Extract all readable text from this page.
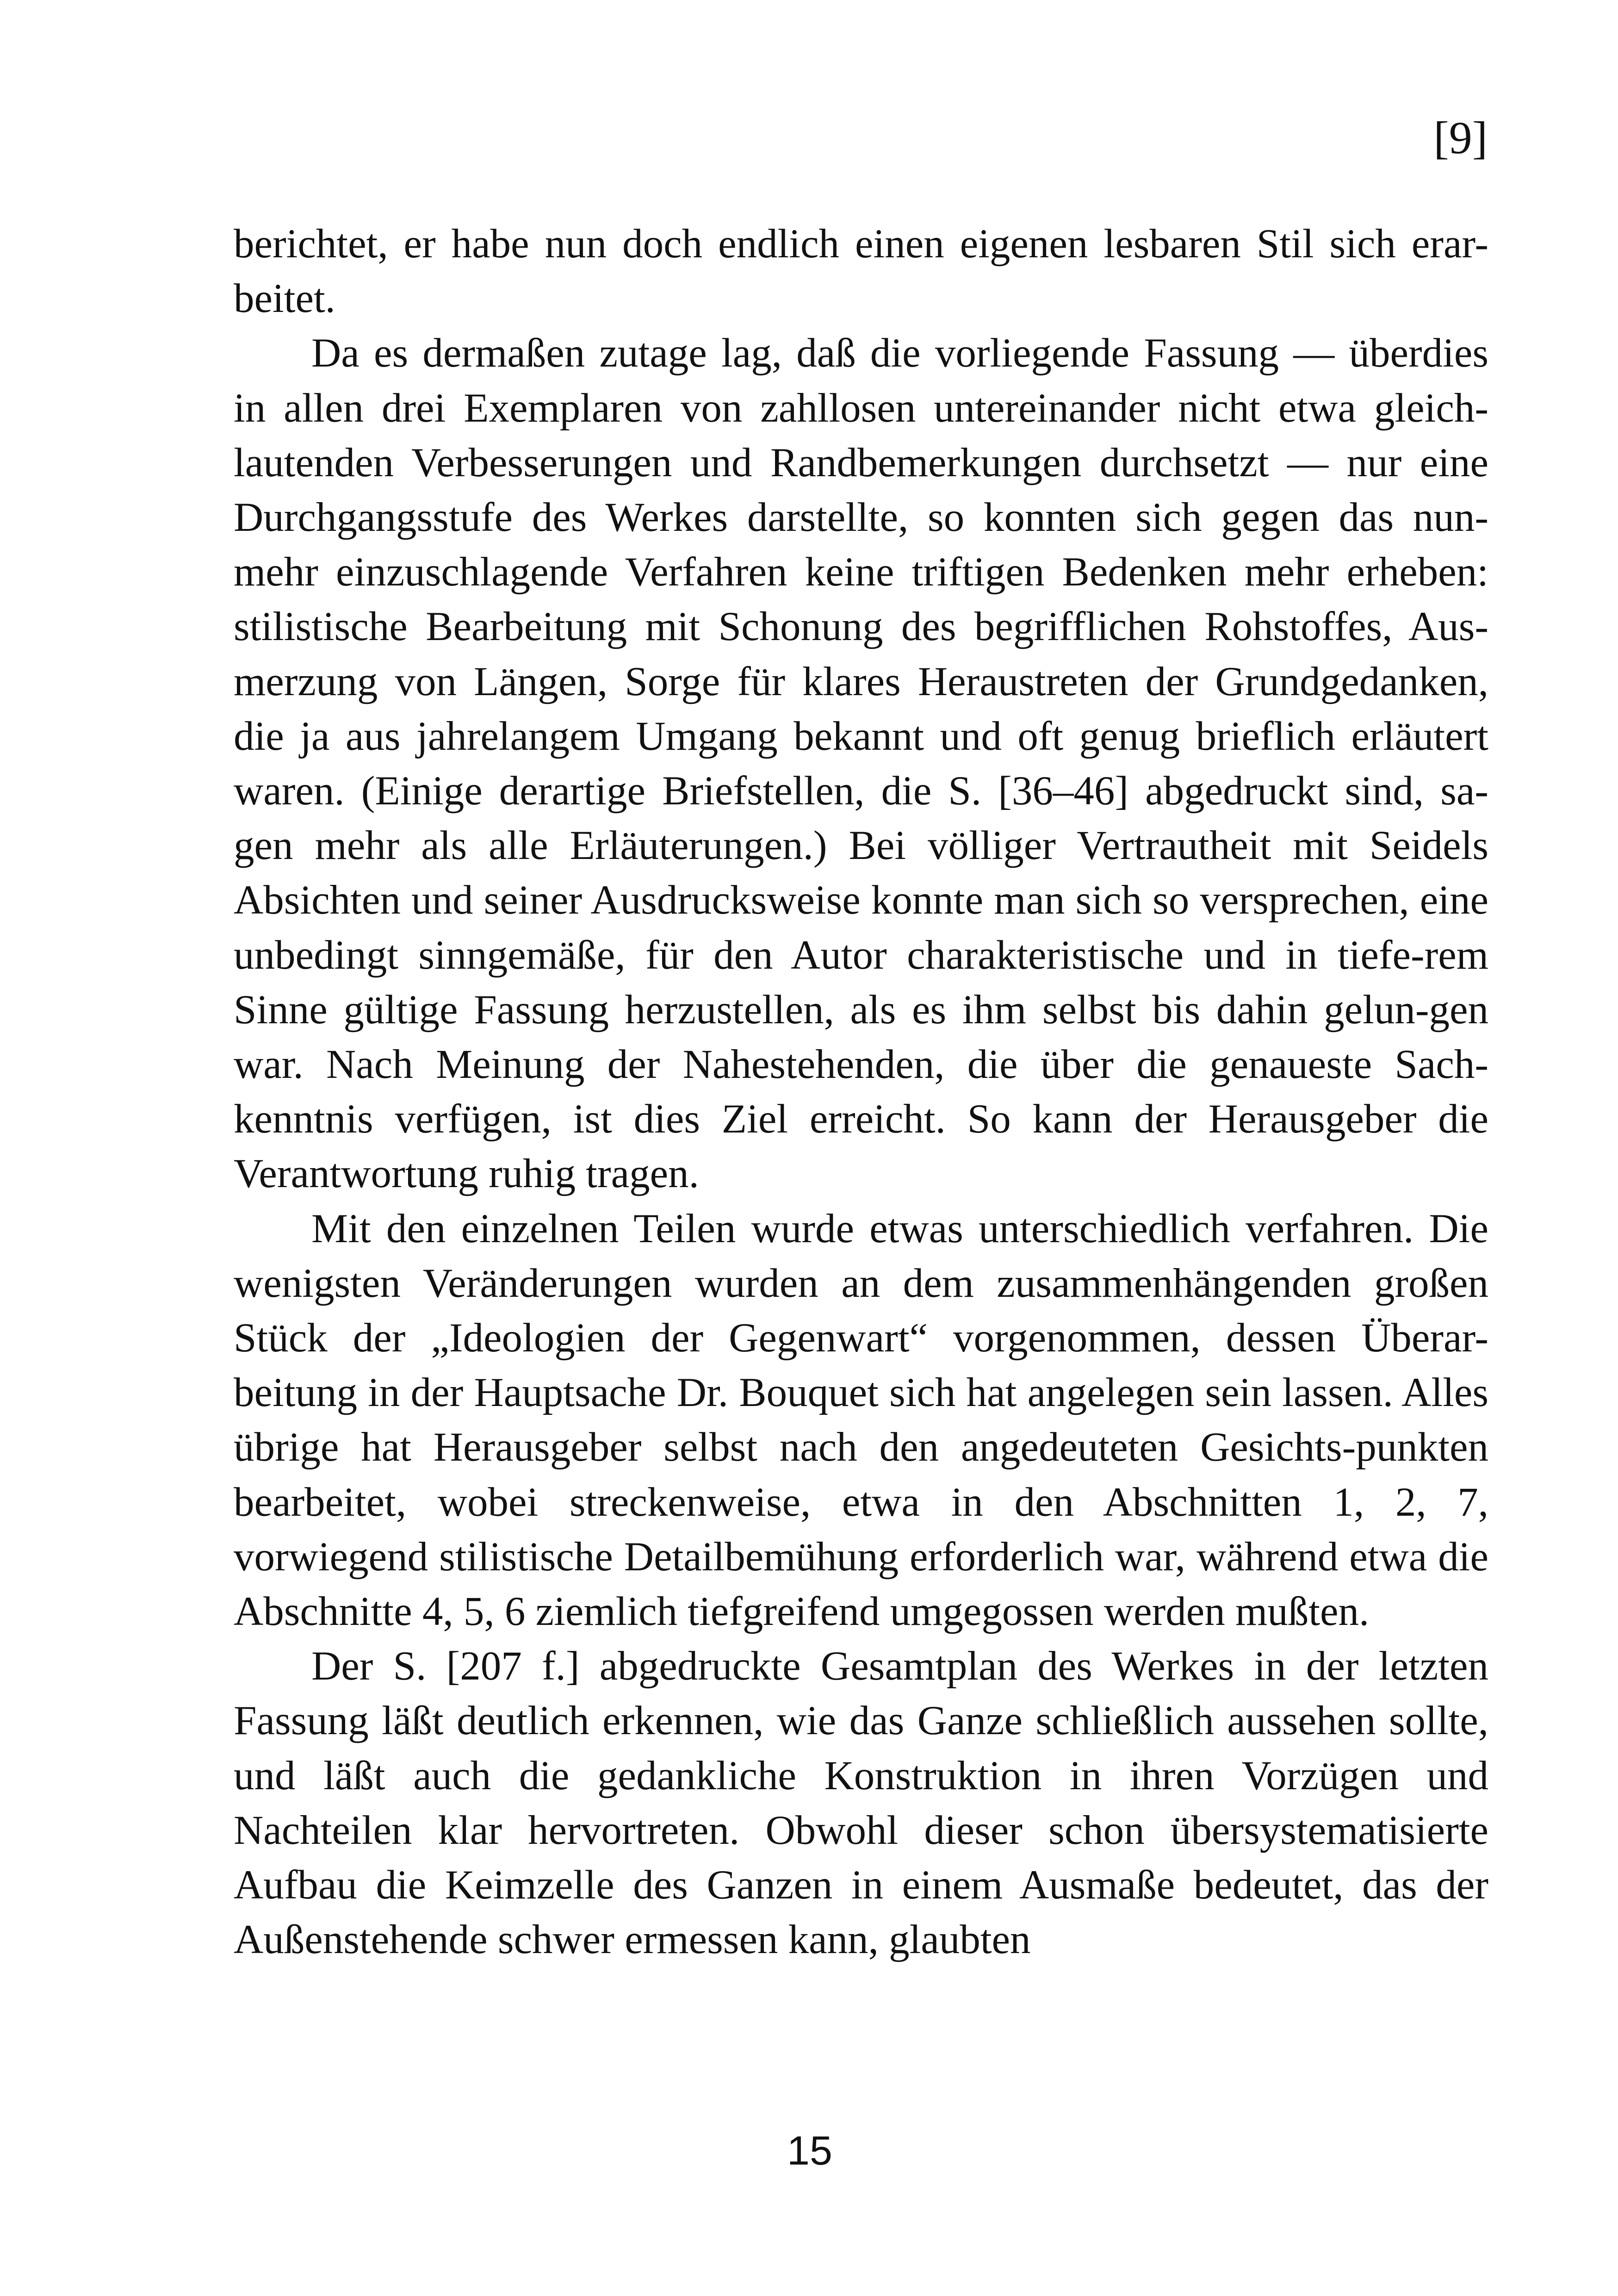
[9]

berichtet, er habe nun doch endlich einen eigenen lesbaren Stil sich erar-beitet.

Da es dermaßen zutage lag, daß die vorliegende Fassung — überdies in allen drei Exemplaren von zahllosen untereinander nicht etwa gleich-lautenden Verbesserungen und Randbemerkungen durchsetzt — nur eine Durchgangsstufe des Werkes darstellte, so konnten sich gegen das nun-mehr einzuschlagende Verfahren keine triftigen Bedenken mehr erheben: stilistische Bearbeitung mit Schonung des begrifflichen Rohstoffes, Aus-merzung von Längen, Sorge für klares Heraustreten der Grundgedanken, die ja aus jahrelangem Umgang bekannt und oft genug brieflich erläutert waren. (Einige derartige Briefstellen, die S. [36–46] abgedruckt sind, sa-gen mehr als alle Erläuterungen.) Bei völliger Vertrautheit mit Seidels Absichten und seiner Ausdrucksweise konnte man sich so versprechen, eine unbedingt sinngemäße, für den Autor charakteristische und in tiefe-rem Sinne gültige Fassung herzustellen, als es ihm selbst bis dahin gelun-gen war. Nach Meinung der Nahestehenden, die über die genaueste Sach-kenntnis verfügen, ist dies Ziel erreicht. So kann der Herausgeber die Verantwortung ruhig tragen.

Mit den einzelnen Teilen wurde etwas unterschiedlich verfahren. Die wenigsten Veränderungen wurden an dem zusammenhängenden großen Stück der „Ideologien der Gegenwart“ vorgenommen, dessen Überar-beitung in der Hauptsache Dr. Bouquet sich hat angelegen sein lassen. Alles übrige hat Herausgeber selbst nach den angedeuteten Gesichts-punkten bearbeitet, wobei streckenweise, etwa in den Abschnitten 1, 2, 7, vorwiegend stilistische Detailbemühung erforderlich war, während etwa die Abschnitte 4, 5, 6 ziemlich tiefgreifend umgegossen werden mußten.

Der S. [207 f.] abgedruckte Gesamtplan des Werkes in der letzten Fassung läßt deutlich erkennen, wie das Ganze schließlich aussehen sollte, und läßt auch die gedankliche Konstruktion in ihren Vorzügen und Nachteilen klar hervortreten. Obwohl dieser schon übersystematisierte Aufbau die Keimzelle des Ganzen in einem Ausmaße bedeutet, das der Außenstehende schwer ermessen kann, glaubten

15
